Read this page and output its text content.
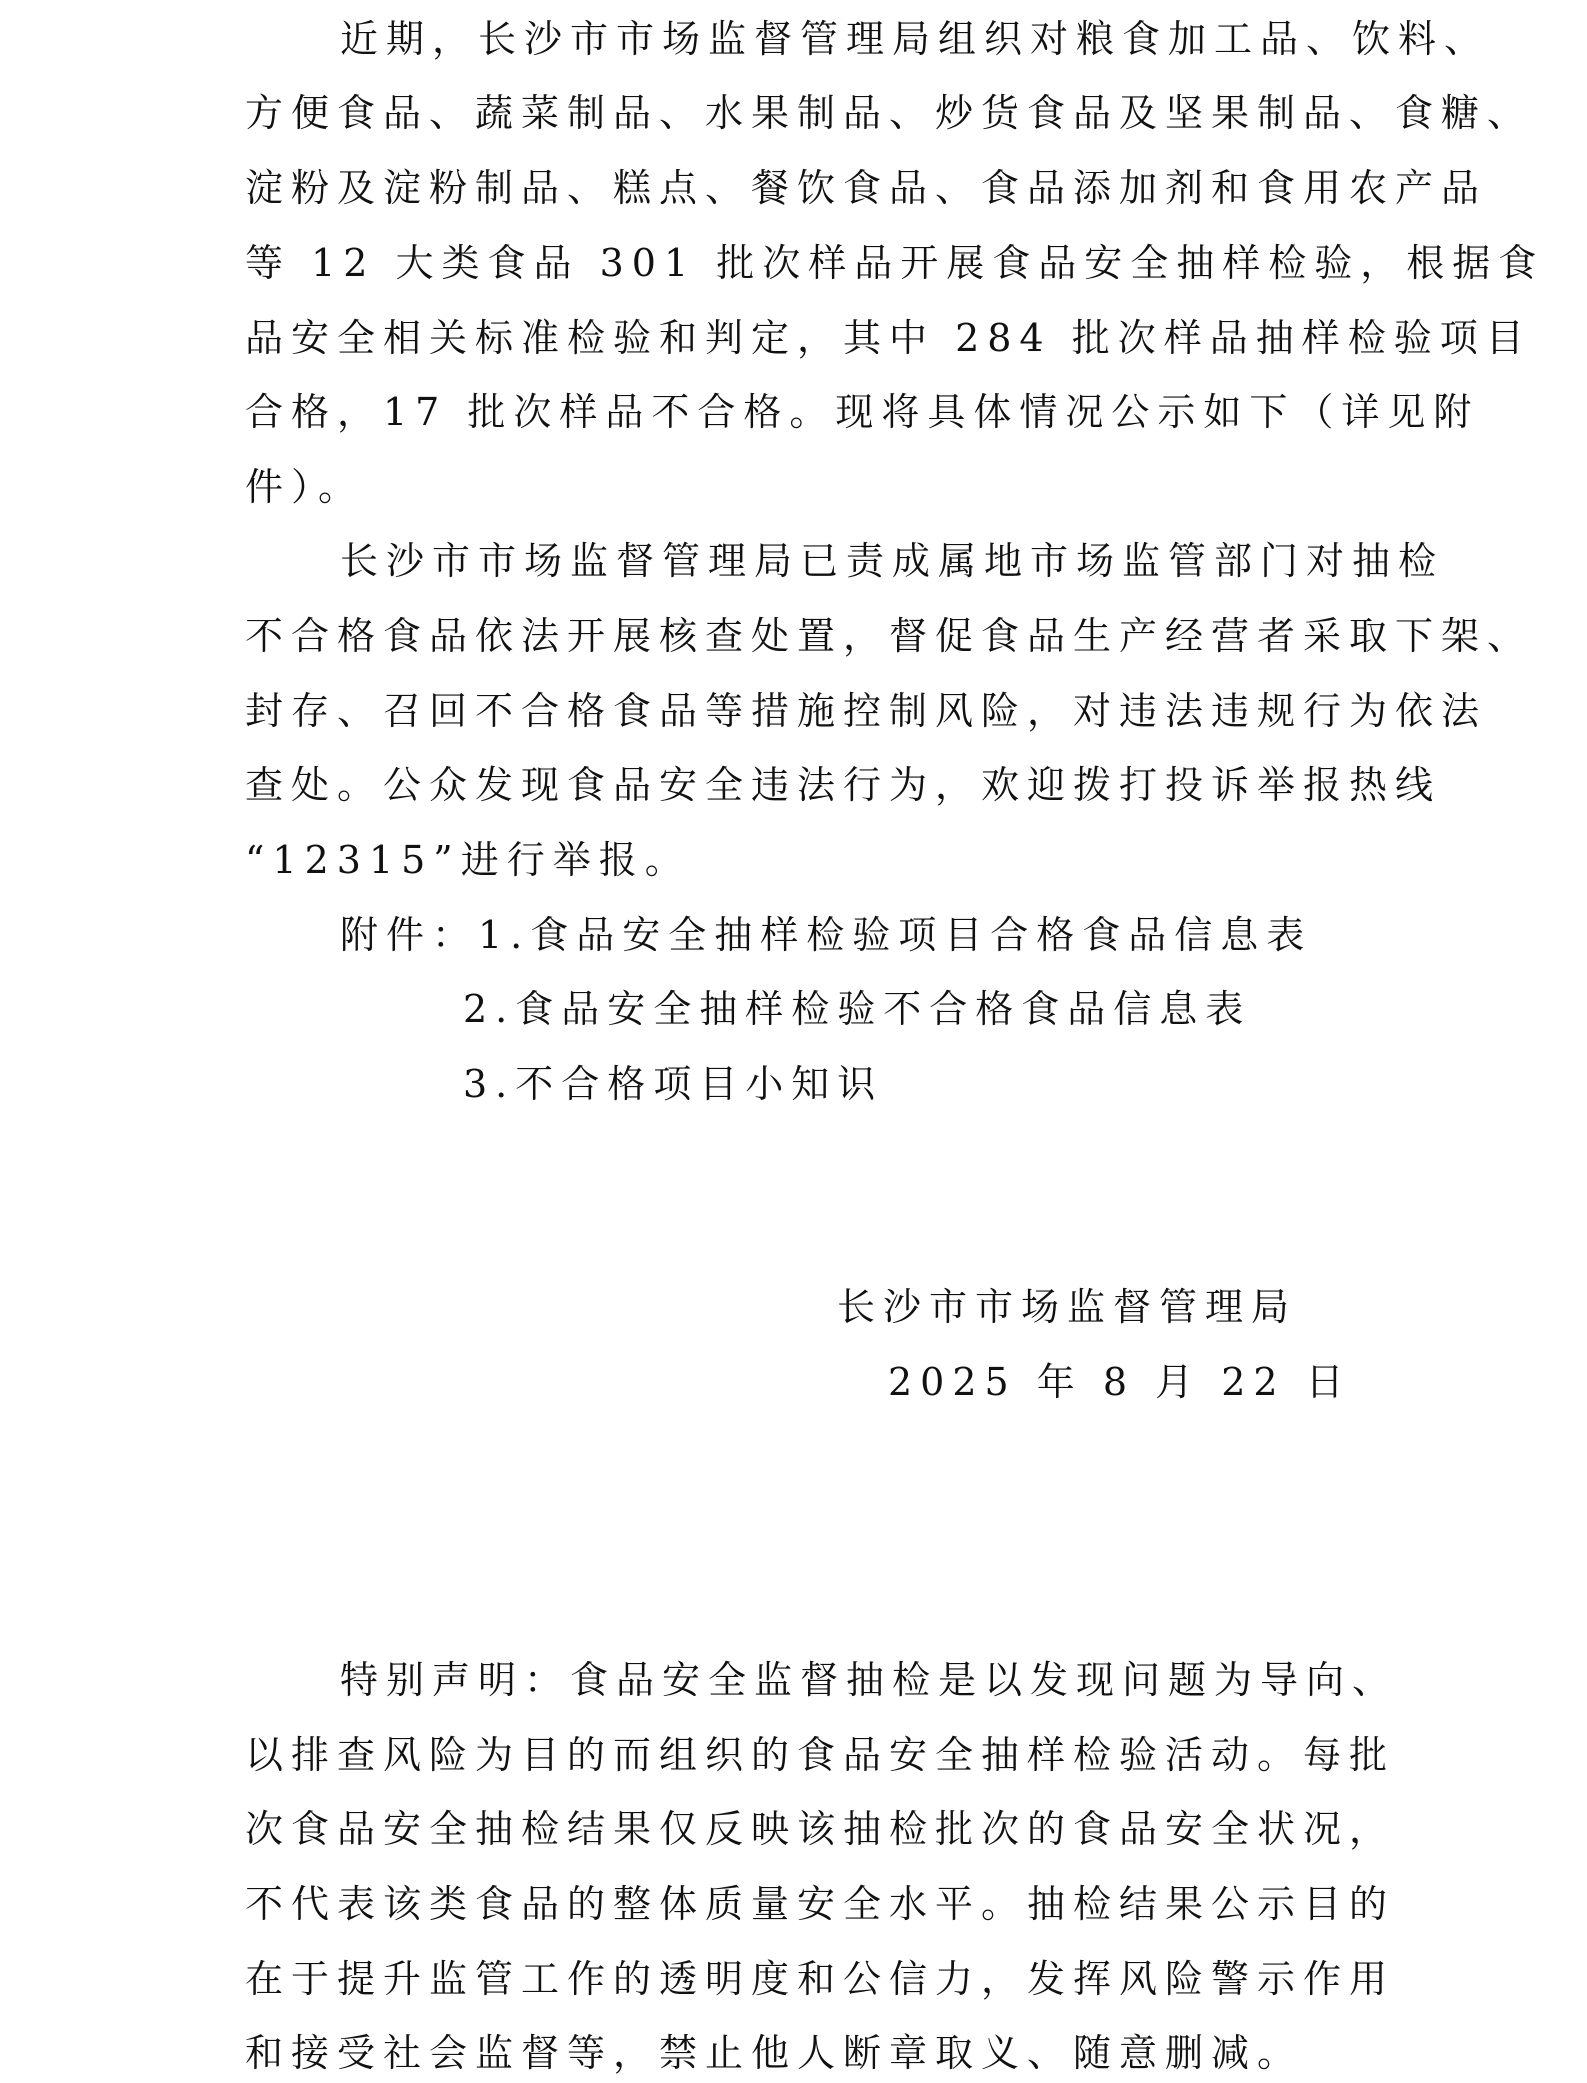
近期，长沙市市场监督管理局组织对粮食加工品、饮料、
方便食品、蔬菜制品、水果制品、炒货食品及坚果制品、食糖、
淀粉及淀粉制品、糕点、餐饮食品、食品添加剂和食用农产品
等 12 大类食品 301 批次样品开展食品安全抽样检验，根据食
品安全相关标准检验和判定，其中 284 批次样品抽样检验项目
合格，17 批次样品不合格。现将具体情况公示如下（详见附
件）。
长沙市市场监督管理局已责成属地市场监管部门对抽检
不合格食品依法开展核查处置，督促食品生产经营者采取下架、
封存、召回不合格食品等措施控制风险，对违法违规行为依法
查处。公众发现食品安全违法行为，欢迎拨打投诉举报热线
“12315”进行举报。
附件：1.食品安全抽样检验项目合格食品信息表
2.食品安全抽样检验不合格食品信息表
3.不合格项目小知识
长沙市市场监督管理局
2025 年 8 月 22 日
特别声明：食品安全监督抽检是以发现问题为导向、
以排查风险为目的而组织的食品安全抽样检验活动。每批
次食品安全抽检结果仅反映该抽检批次的食品安全状况，
不代表该类食品的整体质量安全水平。抽检结果公示目的
在于提升监管工作的透明度和公信力，发挥风险警示作用
和接受社会监督等，禁止他人断章取义、随意删减。
